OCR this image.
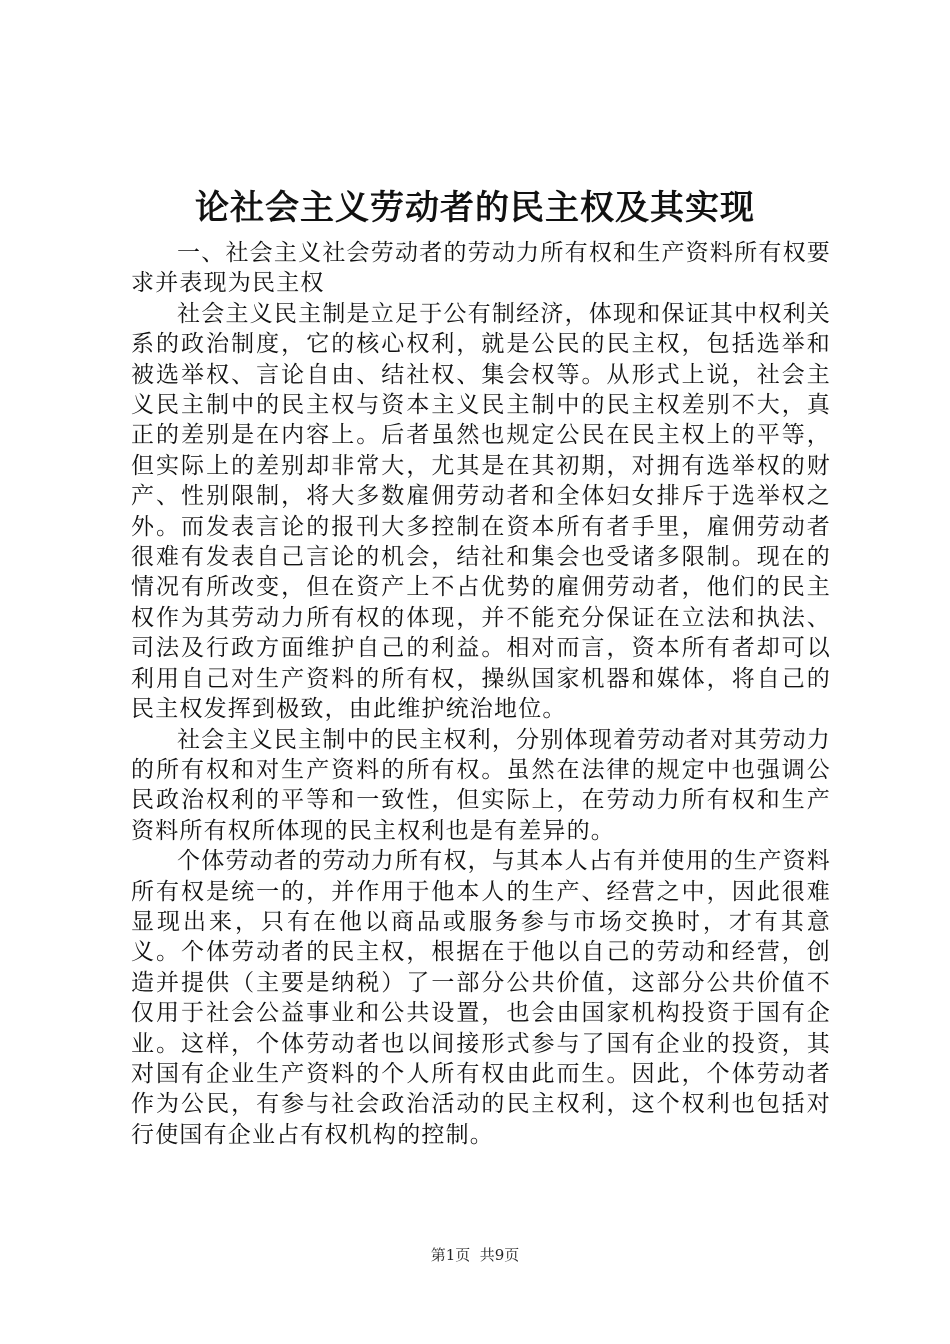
论社会主义劳动者的民主权及其实现

一、社会主义社会劳动者的劳动力所有权和生产资料所有权要求并表现为民主权

社会主义民主制是立足于公有制经济，体现和保证其中权利关系的政治制度，它的核心权利，就是公民的民主权，包括选举和被选举权、言论自由、结社权、集会权等。从形式上说，社会主义民主制中的民主权与资本主义民主制中的民主权差别不大，真正的差别是在内容上。后者虽然也规定公民在民主权上的平等，但实际上的差别却非常大，尤其是在其初期，对拥有选举权的财产、性别限制，将大多数雇佣劳动者和全体妇女排斥于选举权之外。而发表言论的报刊大多控制在资本所有者手里，雇佣劳动者很难有发表自己言论的机会，结社和集会也受诸多限制。现在的情况有所改变，但在资产上不占优势的雇佣劳动者，他们的民主权作为其劳动力所有权的体现，并不能充分保证在立法和执法、司法及行政方面维护自己的利益。相对而言，资本所有者却可以利用自己对生产资料的所有权，操纵国家机器和媒体，将自己的民主权发挥到极致，由此维护统治地位。

社会主义民主制中的民主权利，分别体现着劳动者对其劳动力的所有权和对生产资料的所有权。虽然在法律的规定中也强调公民政治权利的平等和一致性，但实际上，在劳动力所有权和生产资料所有权所体现的民主权利也是有差异的。

个体劳动者的劳动力所有权，与其本人占有并使用的生产资料所有权是统一的，并作用于他本人的生产、经营之中，因此很难显现出来，只有在他以商品或服务参与市场交换时，才有其意义。个体劳动者的民主权，根据在于他以自己的劳动和经营，创造并提供（主要是纳税）了一部分公共价值，这部分公共价值不仅用于社会公益事业和公共设置，也会由国家机构投资于国有企业。这样，个体劳动者也以间接形式参与了国有企业的投资，其对国有企业生产资料的个人所有权由此而生。因此，个体劳动者作为公民，有参与社会政治活动的民主权利，这个权利也包括对行使国有企业占有权机构的控制。

第1页  共9页
